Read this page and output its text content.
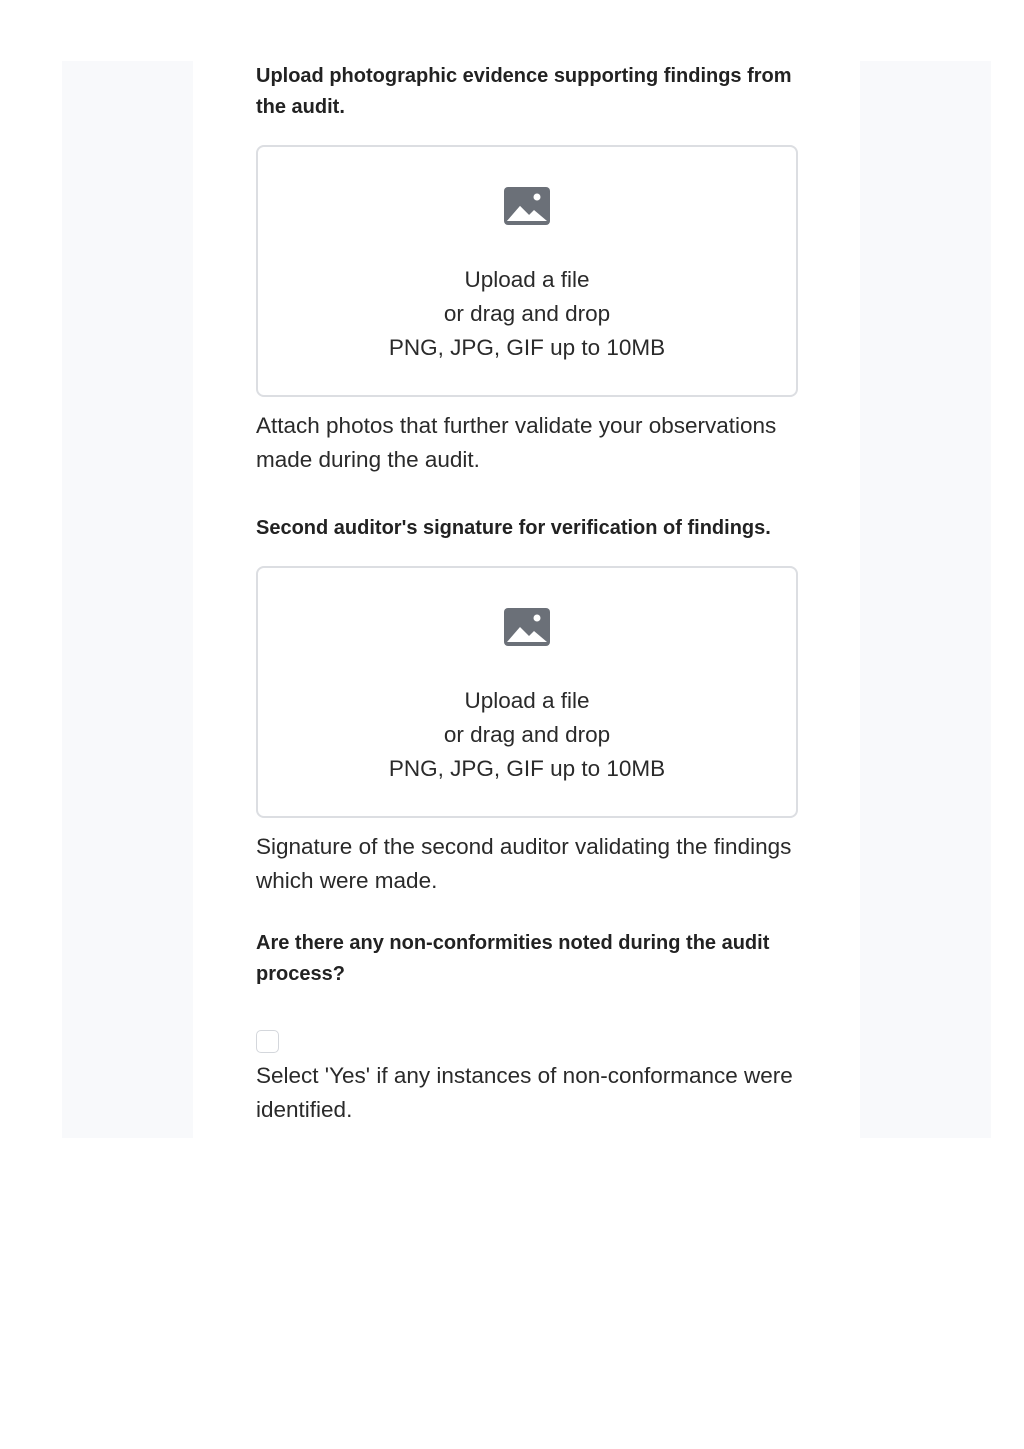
Upload photographic evidence supporting findings from the audit.

Upload a file
or drag and drop
PNG, JPG, GIF up to 10MB

Attach photos that further validate your observations made during the audit.

Second auditor's signature for verification of findings.

Upload a file
or drag and drop
PNG, JPG, GIF up to 10MB

Signature of the second auditor validating the findings which were made.

Are there any non-conformities noted during the audit process?

Select 'Yes' if any instances of non-conformance were identified.
